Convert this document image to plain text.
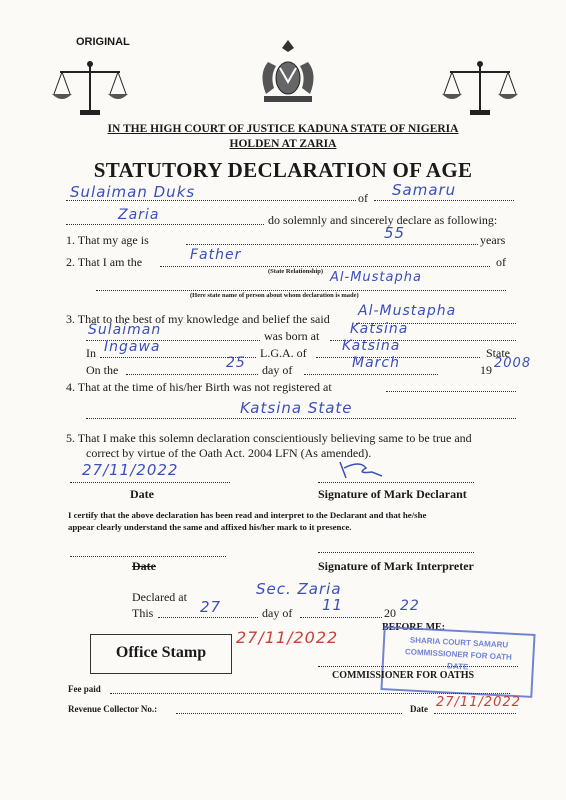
ORIGINAL
IN THE HIGH COURT OF JUSTICE KADUNA STATE OF NIGERIA
HOLDEN AT ZARIA
STATUTORY DECLARATION OF AGE
Sulaiman Duks	of Samaru
Zaria	do solemnly and sincerely declare as following:
1. That my age is	55	years
2. That I am the	Father	of
(State Relationship) Al-Mustapha
(Here state name of person about whom declaration is made)
3. That to the best of my knowledge and belief the said Al-Mustapha
Sulaiman	was born at Katsina
In Ingawa	L.G.A. of	Katsina	State
On the	25 day of	March	19 2008
4. That at the time of his/her Birth was not registered at
Katsina State
5. That I make this solemn declaration conscientiously believing same to be true and
correct by virtue of the Oath Act. 2004 LFN (As amended).
27/11/2022
Date	Signature of Mark Declarant
I certify that the above declaration has been read and interpret to the Declarant and that he/she
appear clearly understand the same and affixed his/her mark to it presence.
Date	Signature of Mark Interpreter
Declared at	Sec. Zaria
This	27	day of 11	20 22
BEFORE ME:
Office Stamp
27/11/2022	SHARIA COURT SAMARU
COMMISSIONER FOR OATH
DATE
COMMISSIONER FOR OATHS
Fee paid
Revenue Collector No.:	Date 27/11/2022
